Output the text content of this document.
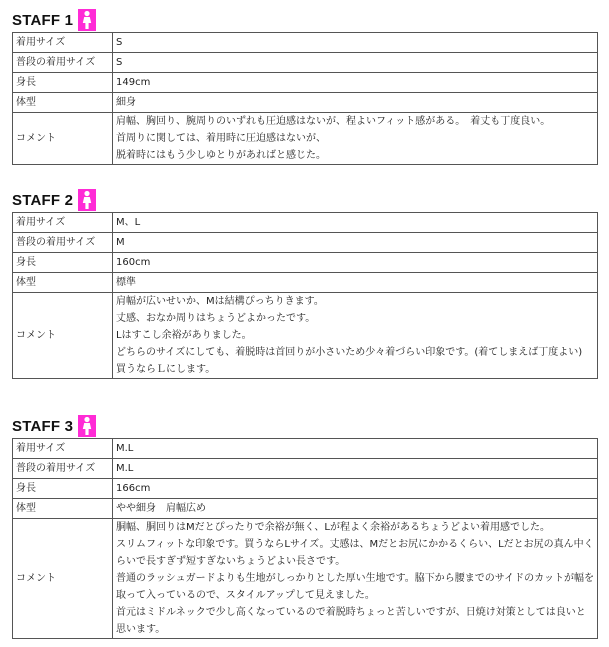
STAFF 1
着用サイズ	S
普段の着用サイズ	S
身長	149cm
体型	細身
コメント	肩幅、胸回り、腕周りのいずれも圧迫感はないが、程よいフィット感がある。　着丈も丁度良い。
首周りに関しては、着用時に圧迫感はないが、
脱着時にはもう少しゆとりがあればと感じた。
STAFF 2
着用サイズ	M、L
普段の着用サイズ	M
身長	160cm
体型	標準
コメント	肩幅が広いせいか、Mは結構ぴっちりきます。
丈感、おなか周りはちょうどよかったです。
Lはすこし余裕がありました。
どちらのサイズにしても、着脱時は首回りが小さいため少々着づらい印象です。(着てしまえば丁度よい)
買うならＬにします。
STAFF 3
着用サイズ	M.L
普段の着用サイズ	M.L
身長	166cm
体型	やや細身　肩幅広め
コメント	胴幅、胴回りはMだとぴったりで余裕が無く、Lが程よく余裕があるちょうどよい着用感でした。
スリムフィットな印象です。買うならLサイズ。丈感は、Mだとお尻にかかるくらい、Lだとお尻の真ん中くらいで長すぎず短すぎないちょうどよい長さです。
普通のラッシュガードよりも生地がしっかりとした厚い生地です。脇下から腰までのサイドのカットが幅を取って入っているので、スタイルアップして見えました。
首元はミドルネックで少し高くなっているので着脱時ちょっと苦しいですが、日焼け対策としては良いと思います。
